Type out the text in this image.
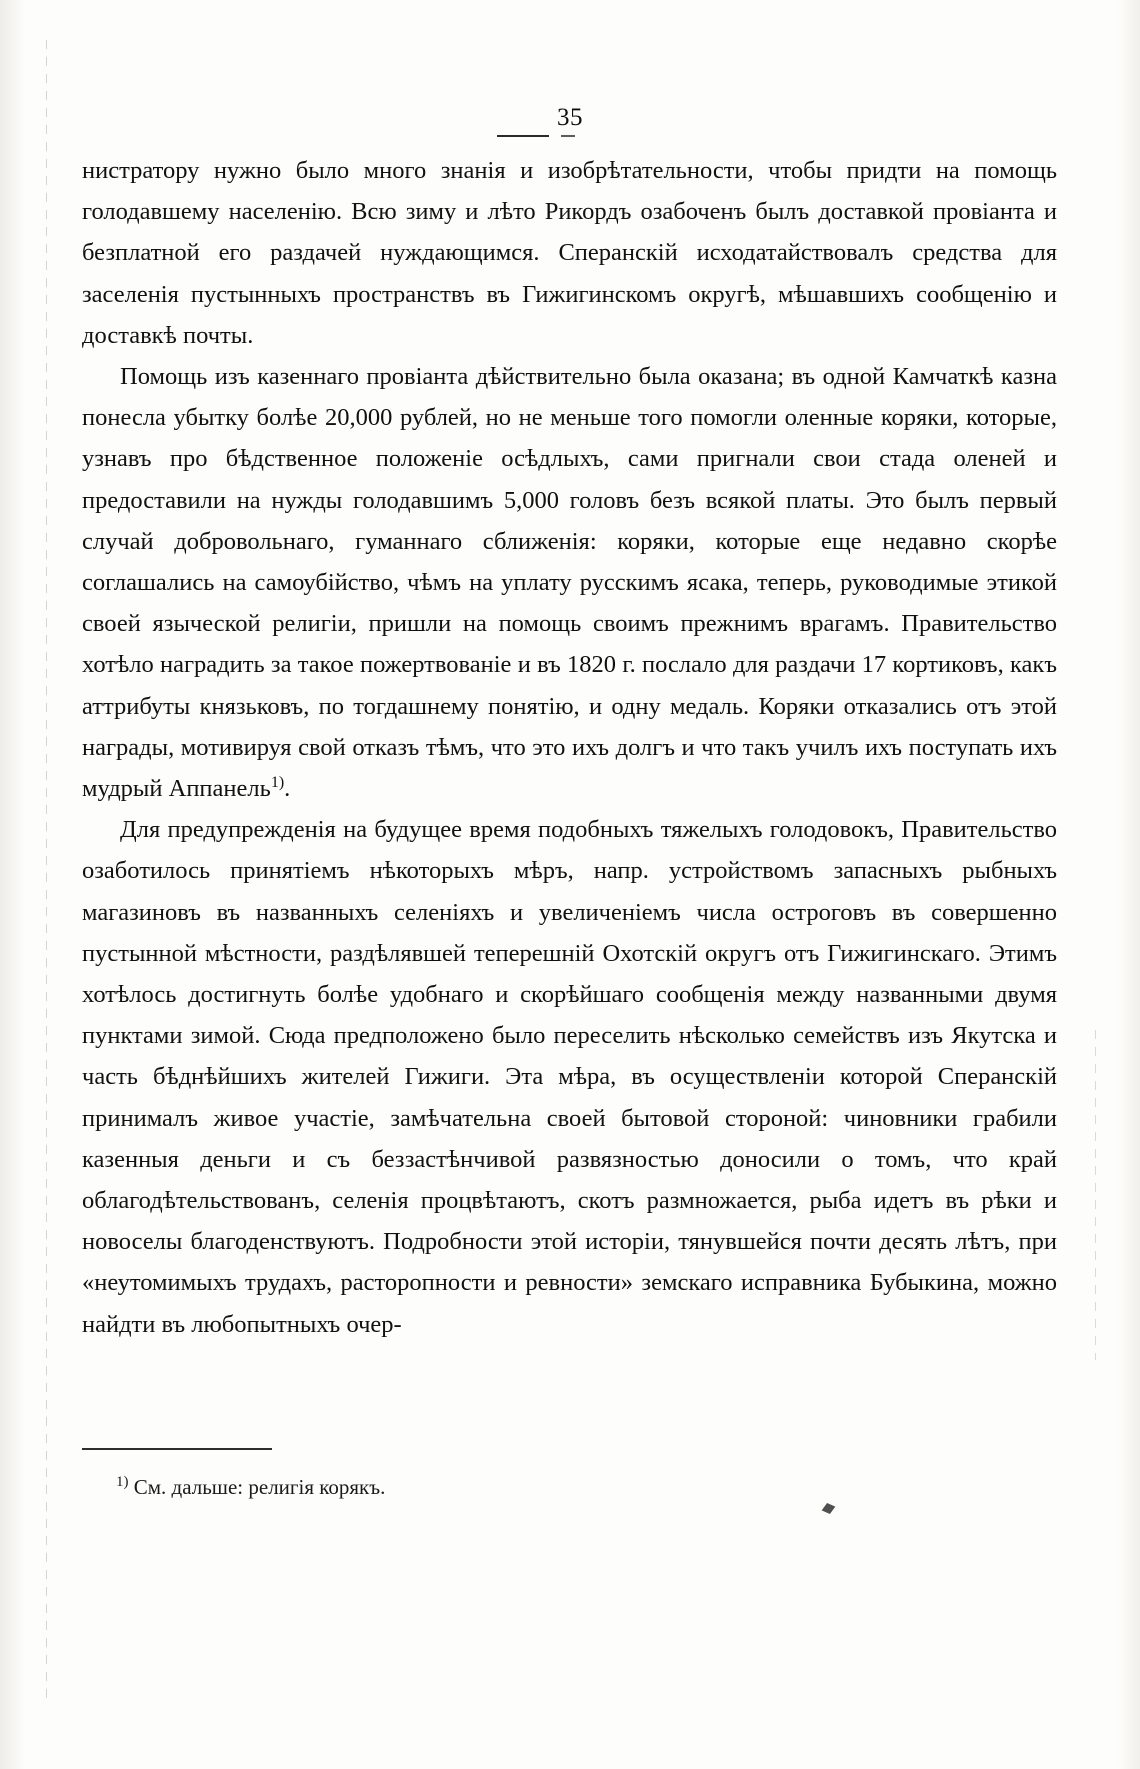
35

нистратору нужно было много знанія и изобрѣтательности, чтобы придти на помощь голодавшему населенію. Всю зиму и лѣто Рикордъ озабоченъ былъ доставкой провіанта и безплатной его раздачей нуждающимся. Сперанскій исходатайствовалъ средства для заселенія пустынныхъ пространствъ въ Гижигинскомъ округѣ, мѣшавшихъ сообщенію и доставкѣ почты.

Помощь изъ казеннаго провіанта дѣйствительно была оказана; въ одной Камчаткѣ казна понесла убытку болѣе 20,000 рублей, но не меньше того помогли оленные коряки, которые, узнавъ про бѣдственное положеніе осѣдлыхъ, сами пригнали свои стада оленей и предоставили на нужды голодавшимъ 5,000 головъ безъ всякой платы. Это былъ первый случай добровольнаго, гуманнаго сближенія: коряки, которые еще недавно скорѣе соглашались на самоубійство, чѣмъ на уплату русскимъ ясака, теперь, руководимые этикой своей языческой религіи, пришли на помощь своимъ прежнимъ врагамъ. Правительство хотѣло наградить за такое пожертвованіе и въ 1820 г. послало для раздачи 17 кортиковъ, какъ аттрибуты князьковъ, по тогдашнему понятію, и одну медаль. Коряки отказались отъ этой награды, мотивируя свой отказъ тѣмъ, что это ихъ долгъ и что такъ училъ ихъ поступать ихъ мудрый Аппанель$^{1)}$.

Для предупрежденія на будущее время подобныхъ тяжелыхъ голодовокъ, Правительство озаботилось принятіемъ нѣкоторыхъ мѣръ, напр. устройствомъ запасныхъ рыбныхъ магазиновъ въ названныхъ селеніяхъ и увеличеніемъ числа остроговъ въ совершенно пустынной мѣстности, раздѣлявшей теперешній Охотскій округъ отъ Гижигинскаго. Этимъ хотѣлось достигнуть болѣе удобнаго и скорѣйшаго сообщенія между названными двумя пунктами зимой. Сюда предположено было переселить нѣсколько семействъ изъ Якутска и часть бѣднѣйшихъ жителей Гижиги. Эта мѣра, въ осуществленіи которой Сперанскій принималъ живое участіе, замѣчательна своей бытовой стороной: чиновники грабили казенныя деньги и съ беззастѣнчивой развязностью доносили о томъ, что край облагодѣтельствованъ, селенія процвѣтаютъ, скотъ размножается, рыба идетъ въ рѣки и новоселы благоденствуютъ. Подробности этой исторіи, тянувшейся почти десять лѣтъ, при «неутомимыхъ трудахъ, расторопности и ревности» земскаго исправника Бубыкина, можно найдти въ любопытныхъ очер-

$^{1)}$ См. дальше: религія корякъ.
